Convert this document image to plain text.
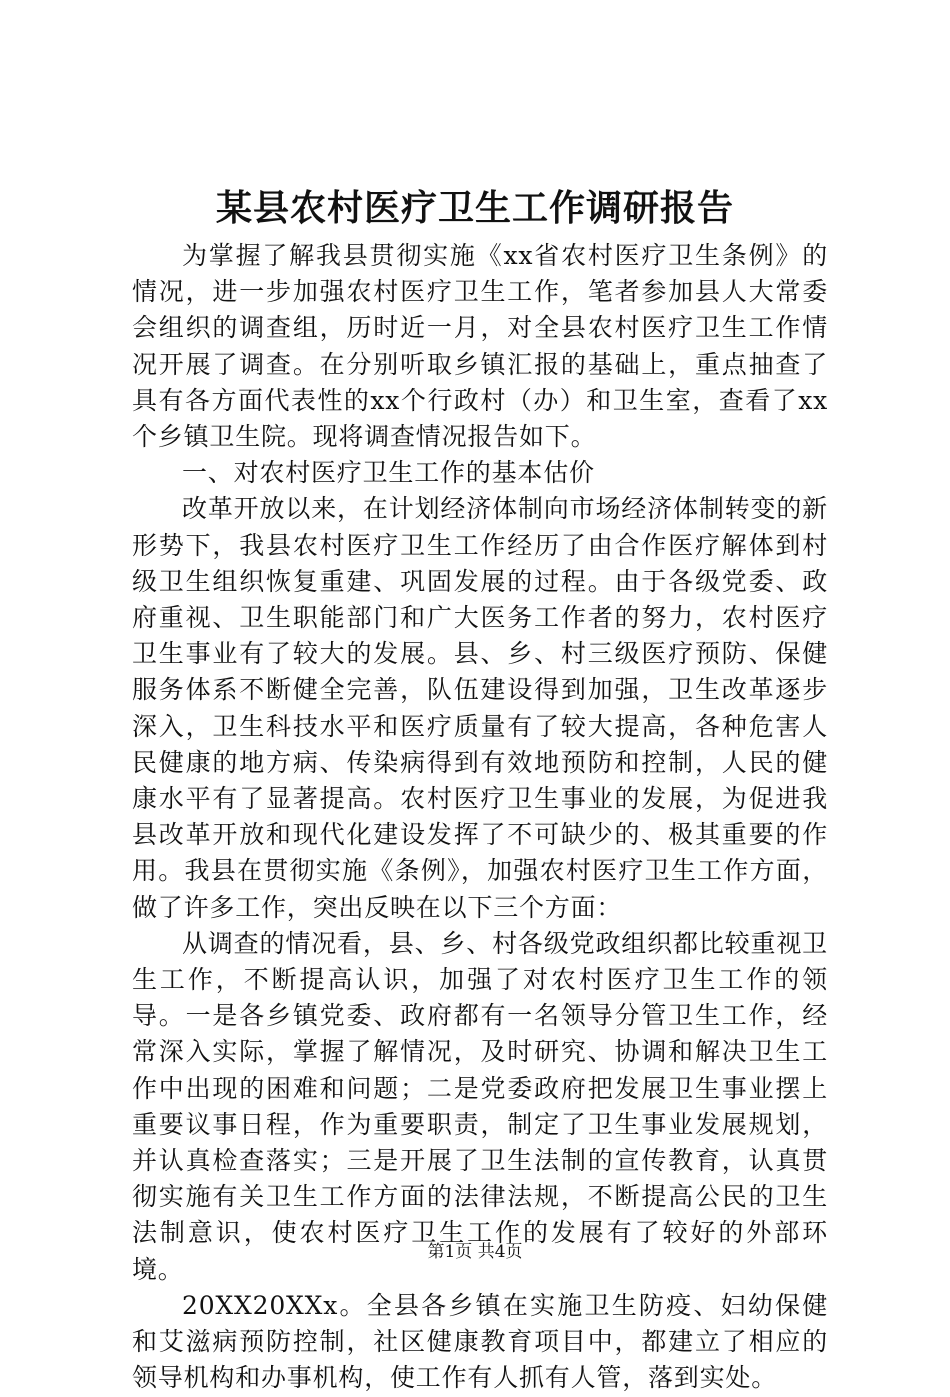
某县农村医疗卫生工作调研报告

为掌握了解我县贯彻实施《xx省农村医疗卫生条例》的情况，进一步加强农村医疗卫生工作，笔者参加县人大常委会组织的调查组，历时近一月，对全县农村医疗卫生工作情况开展了调查。在分别听取乡镇汇报的基础上，重点抽查了具有各方面代表性的xx个行政村（办）和卫生室，查看了xx个乡镇卫生院。现将调查情况报告如下。

一、对农村医疗卫生工作的基本估价

改革开放以来，在计划经济体制向市场经济体制转变的新形势下，我县农村医疗卫生工作经历了由合作医疗解体到村级卫生组织恢复重建、巩固发展的过程。由于各级党委、政府重视、卫生职能部门和广大医务工作者的努力，农村医疗卫生事业有了较大的发展。县、乡、村三级医疗预防、保健服务体系不断健全完善，队伍建设得到加强，卫生改革逐步深入，卫生科技水平和医疗质量有了较大提高，各种危害人民健康的地方病、传染病得到有效地预防和控制，人民的健康水平有了显著提高。农村医疗卫生事业的发展，为促进我县改革开放和现代化建设发挥了不可缺少的、极其重要的作用。我县在贯彻实施《条例》，加强农村医疗卫生工作方面，做了许多工作，突出反映在以下三个方面：

从调查的情况看，县、乡、村各级党政组织都比较重视卫生工作，不断提高认识，加强了对农村医疗卫生工作的领导。一是各乡镇党委、政府都有一名领导分管卫生工作，经常深入实际，掌握了解情况，及时研究、协调和解决卫生工作中出现的困难和问题；二是党委政府把发展卫生事业摆上重要议事日程，作为重要职责，制定了卫生事业发展规划，并认真检查落实；三是开展了卫生法制的宣传教育，认真贯彻实施有关卫生工作方面的法律法规，不断提高公民的卫生法制意识，使农村医疗卫生工作的发展有了较好的外部环境。

20XX20XXx。全县各乡镇在实施卫生防疫、妇幼保健和艾滋病预防控制，社区健康教育项目中，都建立了相应的领导机构和办事机构，使工作有人抓有人管，落到实处。

第1页 共4页
